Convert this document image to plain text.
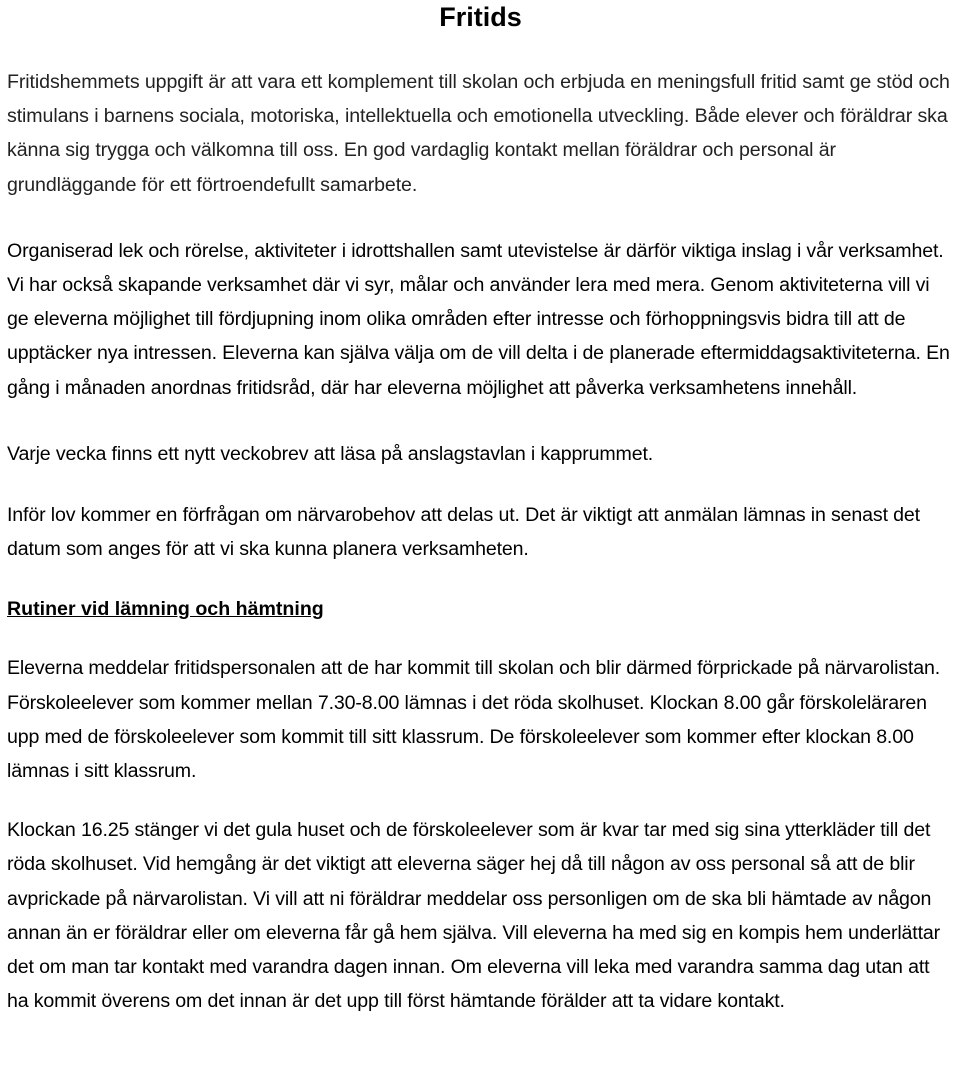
Fritids

Fritidshemmets uppgift är att vara ett komplement till skolan och erbjuda en meningsfull fritid samt ge stöd och stimulans i barnens sociala, motoriska, intellektuella och emotionella utveckling. Både elever och föräldrar ska känna sig trygga och välkomna till oss. En god vardaglig kontakt mellan föräldrar och personal är grundläggande för ett förtroendefullt samarbete.

Organiserad lek och rörelse, aktiviteter i idrottshallen samt utevistelse är därför viktiga inslag i vår verksamhet. Vi har också skapande verksamhet där vi syr, målar och använder lera med mera. Genom aktiviteterna vill vi ge eleverna möjlighet till fördjupning inom olika områden efter intresse och förhoppningsvis bidra till att de upptäcker nya intressen. Eleverna kan själva välja om de vill delta i de planerade eftermiddagsaktiviteterna. En gång i månaden anordnas fritidsråd, där har eleverna möjlighet att påverka verksamhetens innehåll.

Varje vecka finns ett nytt veckobrev att läsa på anslagstavlan i kapprummet.

Inför lov kommer en förfrågan om närvarobehov att delas ut. Det är viktigt att anmälan lämnas in senast det datum som anges för att vi ska kunna planera verksamheten.

Rutiner vid lämning och hämtning

Eleverna meddelar fritidspersonalen att de har kommit till skolan och blir därmed förprickade på närvarolistan. Förskoleelever som kommer mellan 7.30-8.00 lämnas i det röda skolhuset. Klockan 8.00 går förskoleläraren upp med de förskoleelever som kommit till sitt klassrum. De förskoleelever som kommer efter klockan 8.00 lämnas i sitt klassrum.

Klockan 16.25 stänger vi det gula huset och de förskoleelever som är kvar tar med sig sina ytterkläder till det röda skolhuset. Vid hemgång är det viktigt att eleverna säger hej då till någon av oss personal så att de blir avprickade på närvarolistan. Vi vill att ni föräldrar meddelar oss personligen om de ska bli hämtade av någon annan än er föräldrar eller om eleverna får gå hem själva. Vill eleverna ha med sig en kompis hem underlättar det om man tar kontakt med varandra dagen innan. Om eleverna vill leka med varandra samma dag utan att ha kommit överens om det innan är det upp till först hämtande förälder att ta vidare kontakt.
